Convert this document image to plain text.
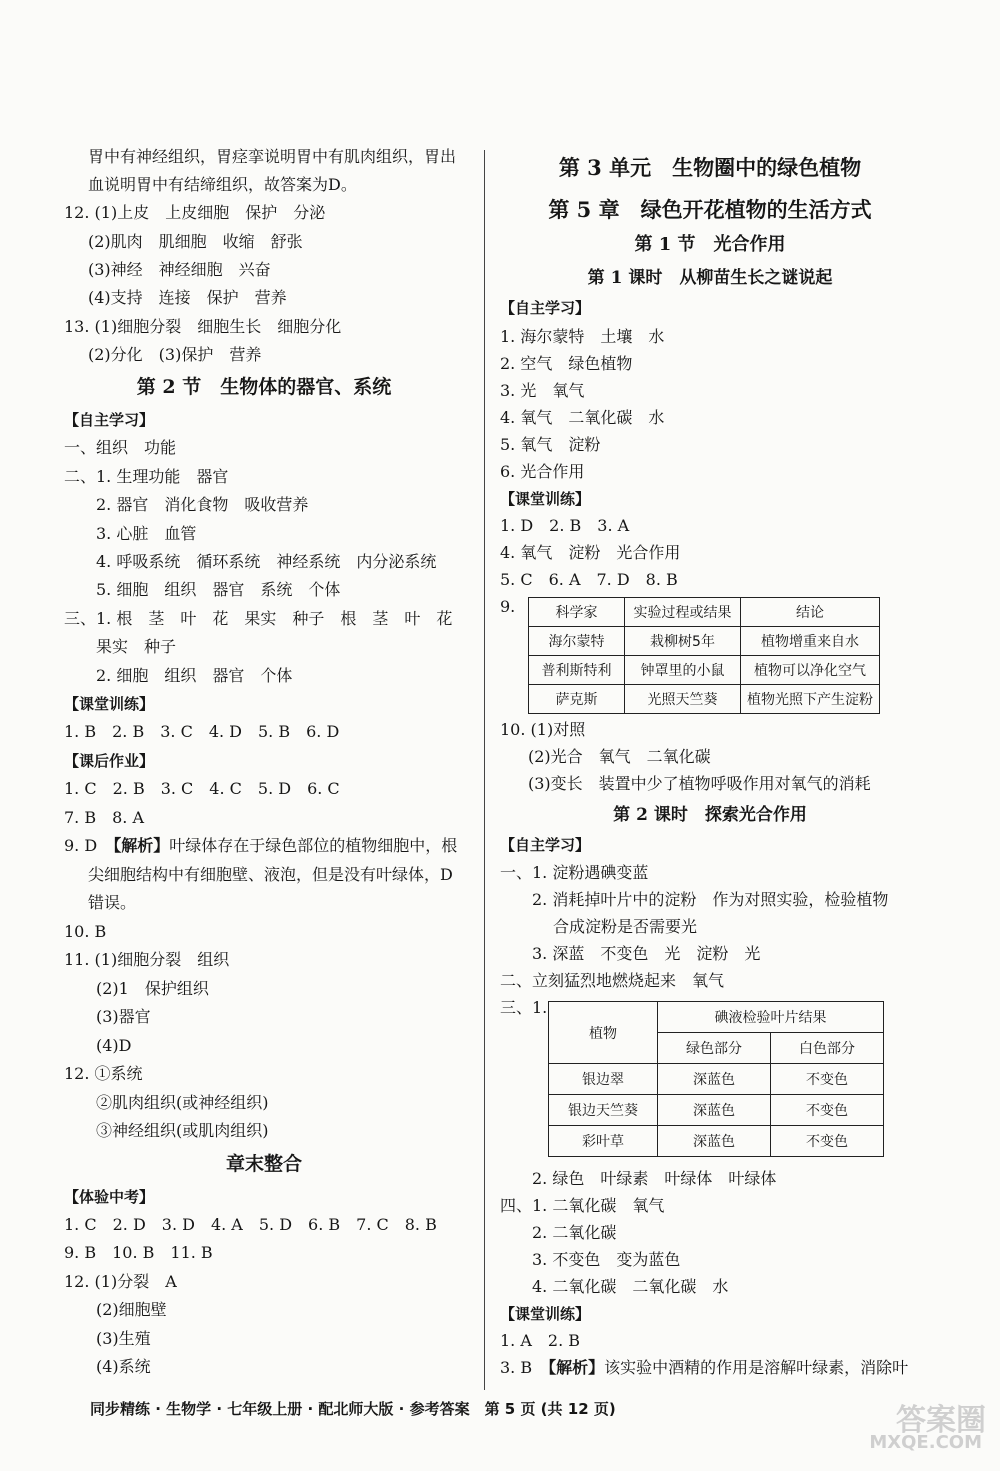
胃中有神经组织，胃痉挛说明胃中有肌肉组织，胃出
血说明胃中有结缔组织，故答案为D。
12. (1)上皮　上皮细胞　保护　分泌
(2)肌肉　肌细胞　收缩　舒张
(3)神经　神经细胞　兴奋
(4)支持　连接　保护　营养
13. (1)细胞分裂　细胞生长　细胞分化
(2)分化　(3)保护　营养
第 2 节　生物体的器官、系统
【自主学习】
一、组织　功能
二、1. 生理功能　器官
2. 器官　消化食物　吸收营养
3. 心脏　血管
4. 呼吸系统　循环系统　神经系统　内分泌系统
5. 细胞　组织　器官　系统　个体
三、1. 根　茎　叶　花　果实　种子　根　茎　叶　花
果实　种子
2. 细胞　组织　器官　个体
【课堂训练】
1. B　2. B　3. C　4. D　5. B　6. D
【课后作业】
1. C　2. B　3. C　4. C　5. D　6. C
7. B　8. A
9. D　【解析】叶绿体存在于绿色部位的植物细胞中，根
尖细胞结构中有细胞壁、液泡，但是没有叶绿体，D
错误。
10. B
11. (1)细胞分裂　组织
(2)1　保护组织
(3)器官
(4)D
12. ①系统
②肌肉组织(或神经组织)
③神经组织(或肌肉组织)
章末整合
【体验中考】
1. C　2. D　3. D　4. A　5. D　6. B　7. C　8. B
9. B　10. B　11. B
12. (1)分裂　A
(2)细胞壁
(3)生殖
(4)系统
第 3 单元　生物圈中的绿色植物
第 5 章　绿色开花植物的生活方式
第 1 节　光合作用
第 1 课时　从柳苗生长之谜说起
【自主学习】
1. 海尔蒙特　土壤　水
2. 空气　绿色植物
3. 光　氧气
4. 氧气　二氧化碳　水
5. 氧气　淀粉
6. 光合作用
【课堂训练】
1. D　2. B　3. A
4. 氧气　淀粉　光合作用
5. C　6. A　7. D　8. B
9.	科学家	实验过程或结果	结论
海尔蒙特	栽柳树5年	植物增重来自水
普利斯特利	钟罩里的小鼠	植物可以净化空气
萨克斯	光照天竺葵	植物光照下产生淀粉
10. (1)对照
(2)光合　氧气　二氧化碳
(3)变长　装置中少了植物呼吸作用对氧气的消耗
第 2 课时　探索光合作用
【自主学习】
一、1. 淀粉遇碘变蓝
2. 消耗掉叶片中的淀粉　作为对照实验，检验植物
合成淀粉是否需要光
3. 深蓝　不变色　光　淀粉　光
二、立刻猛烈地燃烧起来　氧气
三、1.
植物	碘液检验叶片结果	
	绿色部分	白色部分
银边翠	深蓝色	不变色
银边天竺葵	深蓝色	不变色
彩叶草	深蓝色	不变色
2. 绿色　叶绿素　叶绿体　叶绿体
四、1. 二氧化碳　氧气
2. 二氧化碳
3. 不变色　变为蓝色
4. 二氧化碳　二氧化碳　水
【课堂训练】
1. A　2. B
3. B　【解析】该实验中酒精的作用是溶解叶绿素，消除叶
同步精练 · 生物学 · 七年级上册 · 配北师大版 · 参考答案　第 5 页 (共 12 页)	答案圈
MXQE.COM
